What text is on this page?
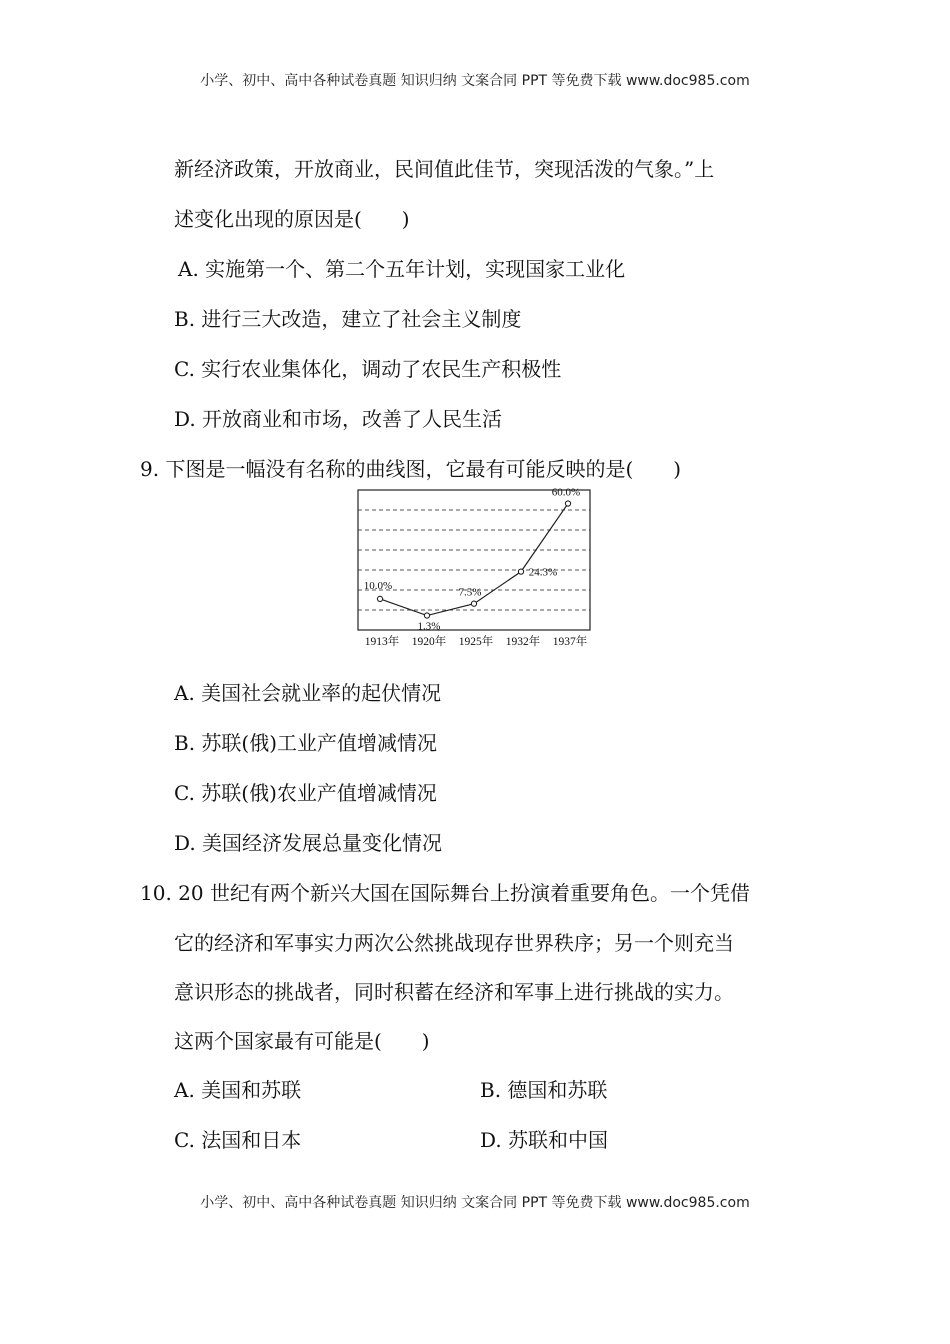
小学、初中、高中各种试卷真题 知识归纳 文案合同 PPT 等免费下载 www.doc985.com
新经济政策，开放商业，民间值此佳节，突现活泼的气象。”上
述变化出现的原因是(　　)
A. 实施第一个、第二个五年计划，实现国家工业化
B. 进行三大改造，建立了社会主义制度
C. 实行农业集体化，调动了农民生产积极性
D. 开放商业和市场，改善了人民生活
9. 下图是一幅没有名称的曲线图，它最有可能反映的是(　　)
10.0%
1.3%
7.5%
24.3%
60.0%
1913年 1920年 1925年 1932年 1937年
A. 美国社会就业率的起伏情况
B. 苏联(俄)工业产值增减情况
C. 苏联(俄)农业产值增减情况
D. 美国经济发展总量变化情况
10. 20 世纪有两个新兴大国在国际舞台上扮演着重要角色。一个凭借
它的经济和军事实力两次公然挑战现存世界秩序；另一个则充当
意识形态的挑战者，同时积蓄在经济和军事上进行挑战的实力。
这两个国家最有可能是(　　)
A. 美国和苏联	B. 德国和苏联
C. 法国和日本	D. 苏联和中国
小学、初中、高中各种试卷真题 知识归纳 文案合同 PPT 等免费下载 www.doc985.com
